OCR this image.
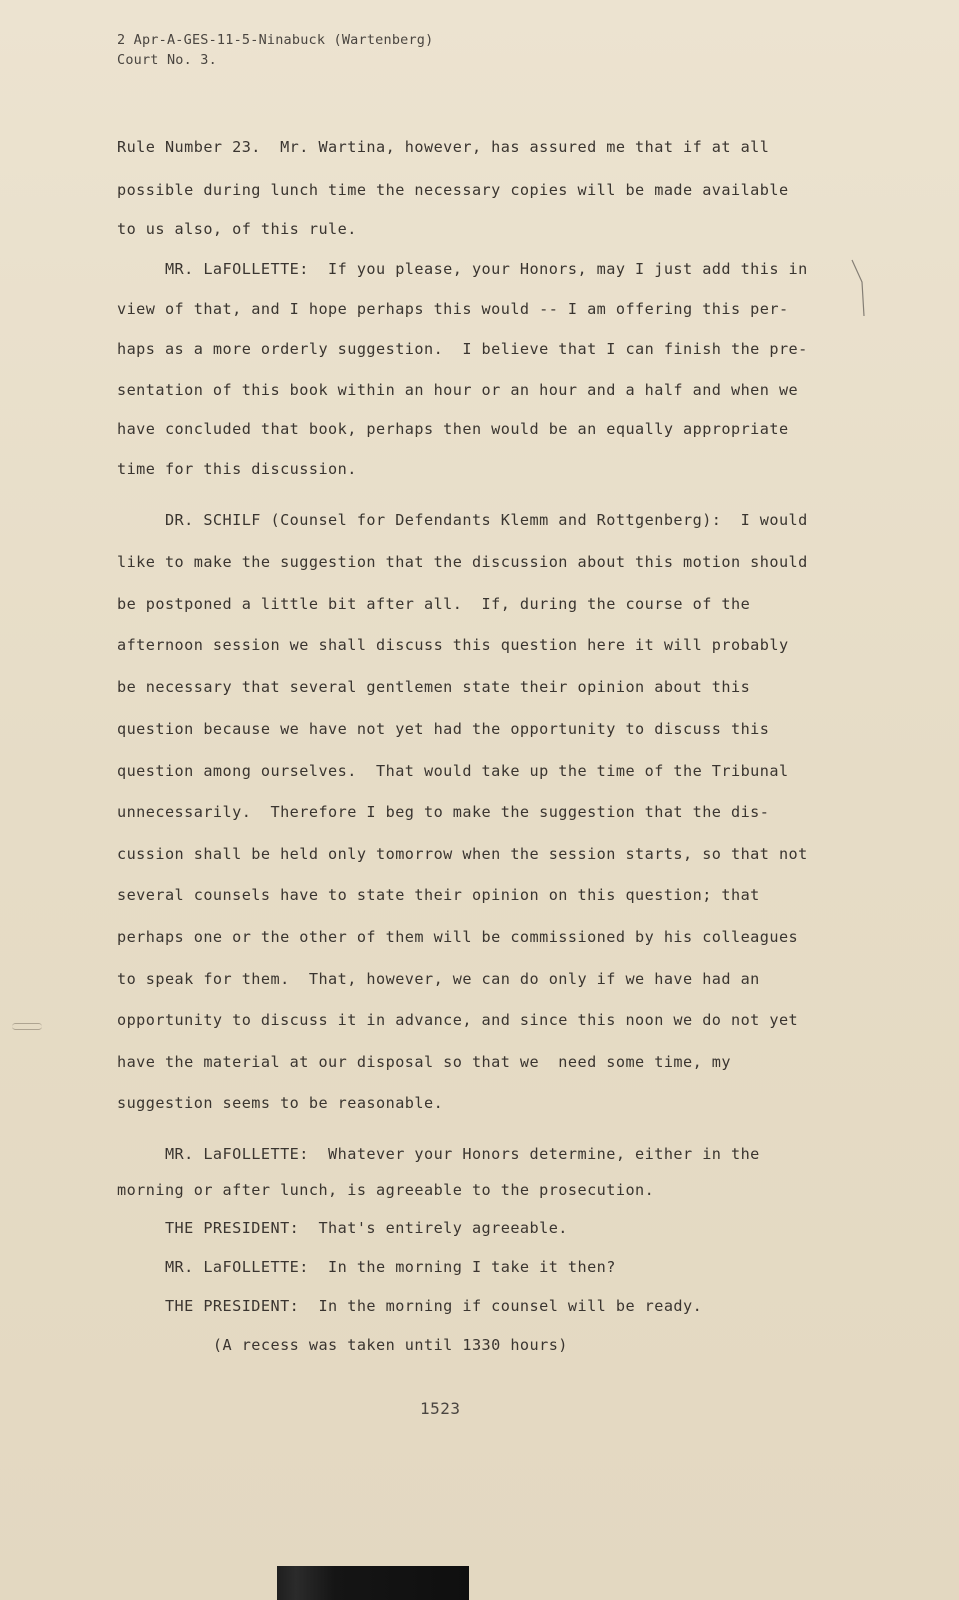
2 Apr-A-GES-11-5-Ninabuck (Wartenberg)
Court No. 3.
Rule Number 23.  Mr. Wartina, however, has assured me that if at all
possible during lunch time the necessary copies will be made available
to us also, of this rule.
MR. LaFOLLETTE:  If you please, your Honors, may I just add this in
view of that, and I hope perhaps this would -- I am offering this per-
haps as a more orderly suggestion.  I believe that I can finish the pre-
sentation of this book within an hour or an hour and a half and when we
have concluded that book, perhaps then would be an equally appropriate
time for this discussion.
DR. SCHILF (Counsel for Defendants Klemm and Rottgenberg):  I would
like to make the suggestion that the discussion about this motion should
be postponed a little bit after all.  If, during the course of the
afternoon session we shall discuss this question here it will probably
be necessary that several gentlemen state their opinion about this
question because we have not yet had the opportunity to discuss this
question among ourselves.  That would take up the time of the Tribunal
unnecessarily.  Therefore I beg to make the suggestion that the dis-
cussion shall be held only tomorrow when the session starts, so that not
several counsels have to state their opinion on this question; that
perhaps one or the other of them will be commissioned by his colleagues
to speak for them.  That, however, we can do only if we have had an
opportunity to discuss it in advance, and since this noon we do not yet
have the material at our disposal so that we  need some time, my
suggestion seems to be reasonable.
MR. LaFOLLETTE:  Whatever your Honors determine, either in the
morning or after lunch, is agreeable to the prosecution.
THE PRESIDENT:  That's entirely agreeable.
MR. LaFOLLETTE:  In the morning I take it then?
THE PRESIDENT:  In the morning if counsel will be ready.
(A recess was taken until 1330 hours)
1523
